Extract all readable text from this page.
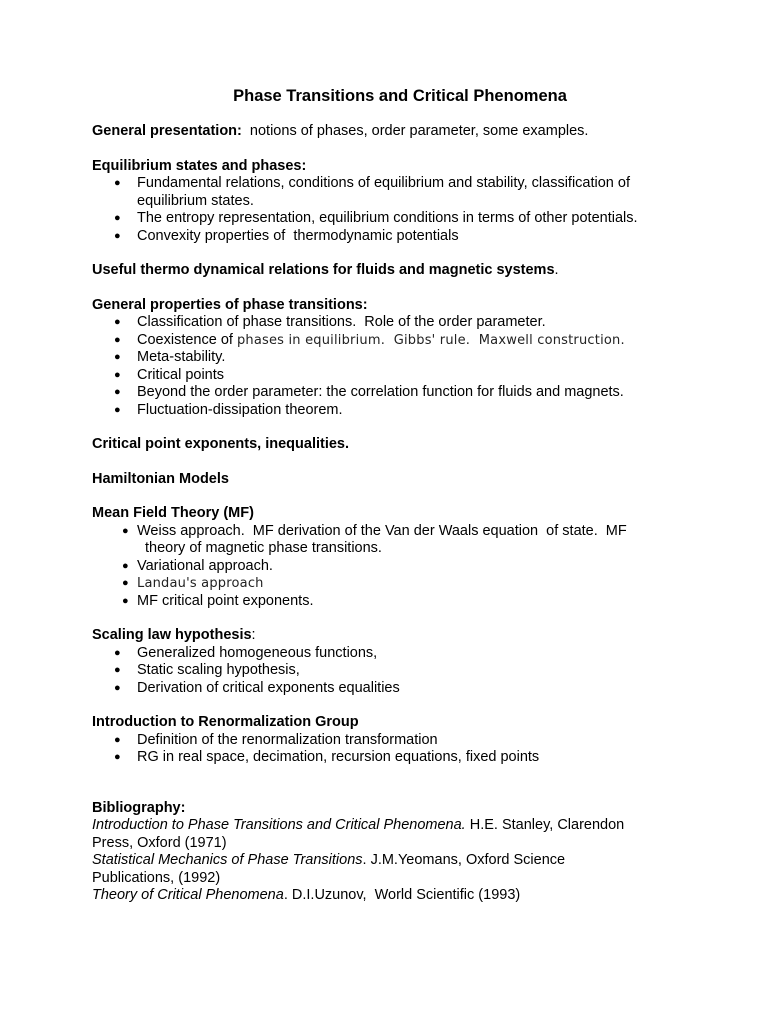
Phase Transitions and Critical Phenomena

General presentation:  notions of phases, order parameter, some examples.

Equilibrium states and phases:

● Fundamental relations, conditions of equilibrium and stability, classification of
equilibrium states.
● The entropy representation, equilibrium conditions in terms of other potentials.
● Convexity properties of  thermodynamic potentials

Useful thermo dynamical relations for fluids and magnetic systems.

General properties of phase transitions:

● Classification of phase transitions.  Role of the order parameter.
● Coexistence of phases in equilibrium.  Gibbs' rule.  Maxwell construction.
● Meta-stability.
● Critical points
● Beyond the order parameter: the correlation function for fluids and magnets.
● Fluctuation-dissipation theorem.

Critical point exponents, inequalities.

Hamiltonian Models

Mean Field Theory (MF)

● Weiss approach.  MF derivation of the Van der Waals equation  of state.  MF
theory of magnetic phase transitions.
● Variational approach.
● Landau's approach
● MF critical point exponents.

Scaling law hypothesis:

● Generalized homogeneous functions,
● Static scaling hypothesis,
● Derivation of critical exponents equalities

Introduction to Renormalization Group

● Definition of the renormalization transformation
● RG in real space, decimation, recursion equations, fixed points

Bibliography:

Introduction to Phase Transitions and Critical Phenomena. H.E. Stanley, Clarendon

Press, Oxford (1971)

Statistical Mechanics of Phase Transitions. J.M.Yeomans, Oxford Science

Publications, (1992)

Theory of Critical Phenomena. D.I.Uzunov,  World Scientific (1993)
